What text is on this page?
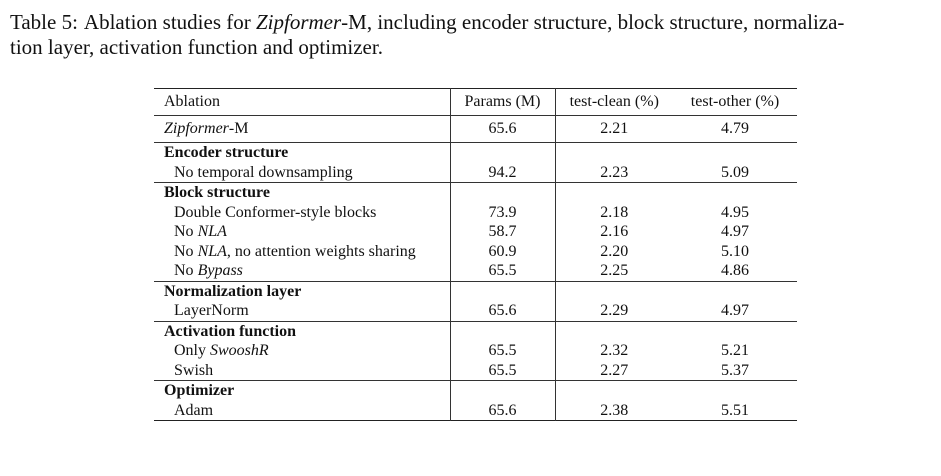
Table 5: Ablation studies for Zipformer-M, including encoder structure, block structure, normaliza-
tion layer, activation function and optimizer.
Ablation	Params (M)	test-clean (%)	test-other (%)
Zipformer-M	65.6	2.21	4.79
Encoder structure			
No temporal downsampling	94.2	2.23	5.09
Block structure			
Double Conformer-style blocks	73.9	2.18	4.95
No NLA	58.7	2.16	4.97
No NLA, no attention weights sharing	60.9	2.20	5.10
No Bypass	65.5	2.25	4.86
Normalization layer			
LayerNorm	65.6	2.29	4.97
Activation function			
Only SwooshR	65.5	2.32	5.21
Swish	65.5	2.27	5.37
Optimizer			
Adam	65.6	2.38	5.51
